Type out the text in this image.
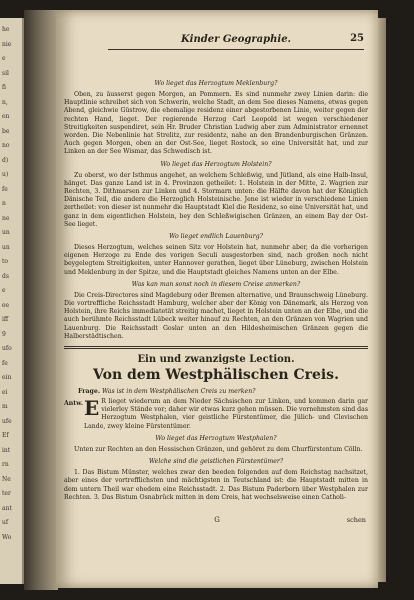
he
nie
e
sil
fi
n,
en
be
no
d)
u)
fe
n
ne
un
un
to
ds
e
ee
iff
9
ufo
fe
ein
ei
m
ufe
Ef
int
rn
Ne
ter
ant
uf
Wo
Kinder Geographie.	25
Wo lieget das Herzogtum Meklenburg?
Oben, zu äusserst gegen Morgen, an Pommern. Es sind nunmehr zwey Linien darin: die Hauptlinie schreibet sich von Schwerin, welche Stadt, an dem See dieses Namens, etwas gegen Abend, gleichwie Güstrow, die ehemalige residenz einer abgestorbenen Linie, weiter gegen der rechten Hand, lieget. Der regierende Herzog Carl Leopold ist wegen verschiedener Streitigkeiten suspendiret, sein Hr. Bruder Christian Ludwig aber zum Administrator ernennet worden. Die Nebenlinie hat Strelitz, zur residentz, nahe an den Brandenburgischen Gränzen. Auch gegen Morgen, oben an der Ost-See, lieget Rostock, so eine Universität hat, und zur Linken an der See Wismar, das Schwedisch ist.
Wo lieget das Herzogtum Holstein?
Zu oberst, wo der Isthmus angehet, an welchem Schleßwig, und Jütland, als eine Halb-Insul, hänget. Das ganze Land ist in 4. Provinzen getheilet: 1. Holstein in der Mitte, 2. Wagrien zur Rechten, 3. Dithmarsen zur Linken und 4. Stormarn unten: die Hälfte davon hat der Königlich Dänische Teil, die andere die Herzoglich Holsteinische. Jene ist wieder in verschiedene Linien zertheilet: von dieser ist nunmehr die Hauptstadt Kiel die Residenz, so eine Universität hat, und ganz in dem eigentlichen Holstein, bey den Schleßwigischen Gränzen, an einem Bay der Ost-See lieget.
Wo lieget endlich Lauenburg?
Dieses Herzogtum, welches seinen Sitz vor Holstein hat, nunmehr aber, da die vorherigen eigenen Herzoge zu Ende des vorigen Seculi ausgestorben sind, nach großen noch nicht beygelegtem Streitigkeiten, unter Hannover gerathen, lieget über Lüneburg, zwischen Holstein und Meklenburg in der Spitze, und die Hauptstadt gleiches Namens unten an der Elbe.
Was kan man sonst noch in diesem Creise anmerken?
Die Creis-Directores sind Magdeburg oder Bremen alternative, und Braunschweig Lüneburg. Die vortreffliche Reichsstadt Hamburg, welcher aber der König von Dänemark, als Herzog von Holstein, ihre Reichs immediatetät streitig machet, lieget in Holstein unten an der Elbe, und die auch berühmte Reichsstadt Lübeck weiter hinauf zu Rechten, an den Gränzen von Wagrien und Lauenburg. Die Reichsstadt Goslar unten an den Hildesheimischen Gränzen gegen die Halberstädtischen.
Ein und zwanzigste Lection.
Von dem Westphälischen Creis.
Frage. Was ist in dem Westphälischen Creis zu merken?
Antw. E R lieget wiederum an dem Nieder Sächsischen zur Linken, und kommen darin gar vielerley Stände vor; daher wir etwas kurz gehen müssen. Die vornehmsten sind das Herzogtum Westphalen, vier geistliche Fürstentümer, die Jülich- und Clevischen Lande, zwey kleine Fürstentümer.
Wo lieget das Herzogtum Westphalen?
Unten zur Rechten an den Hessischen Gränzen, und gehöret zu dem Churfürstentum Cölln.
Welche sind die geistlichen Fürstentümer?
1. Das Bistum Münster, welches zwar den beeden folgenden auf dem Reichstag nachsitzet, aber eines der vortrefflichsten und mächtigsten in Teutschland ist: die Hauptstadt mitten in dem untern Theil war ehedem eine Reichsstadt. 2. Das Bistum Paderborn über Westphalen zur Rechten. 3. Das Bistum Osnabrück mitten in dem Creis, hat wechselsweise einen Catholi-
G	schen
